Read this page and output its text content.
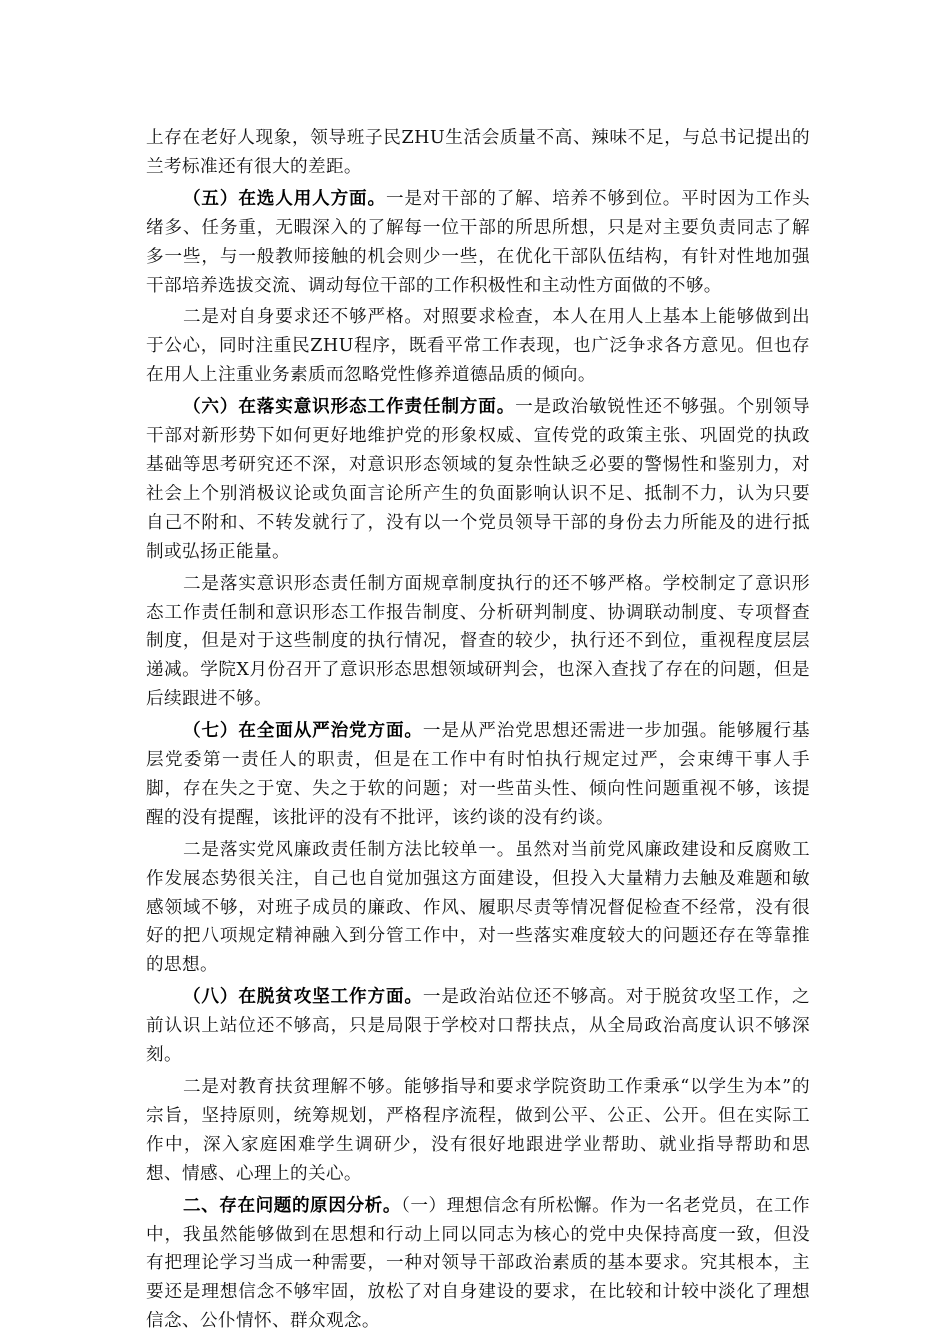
上存在老好人现象，领导班子民ZHU生活会质量不高、辣味不足，与总书记提出的兰考标准还有很大的差距。

（五）在选人用人方面。一是对干部的了解、培养不够到位。平时因为工作头绪多、任务重，无暇深入的了解每一位干部的所思所想，只是对主要负责同志了解多一些，与一般教师接触的机会则少一些，在优化干部队伍结构，有针对性地加强干部培养选拔交流、调动每位干部的工作积极性和主动性方面做的不够。

二是对自身要求还不够严格。对照要求检查，本人在用人上基本上能够做到出于公心，同时注重民ZHU程序，既看平常工作表现，也广泛争求各方意见。但也存在用人上注重业务素质而忽略党性修养道德品质的倾向。

（六）在落实意识形态工作责任制方面。一是政治敏锐性还不够强。个别领导干部对新形势下如何更好地维护党的形象权威、宣传党的政策主张、巩固党的执政基础等思考研究还不深，对意识形态领域的复杂性缺乏必要的警惕性和鉴别力，对社会上个别消极议论或负面言论所产生的负面影响认识不足、抵制不力，认为只要自己不附和、不转发就行了，没有以一个党员领导干部的身份去力所能及的进行抵制或弘扬正能量。

二是落实意识形态责任制方面规章制度执行的还不够严格。学校制定了意识形态工作责任制和意识形态工作报告制度、分析研判制度、协调联动制度、专项督查制度，但是对于这些制度的执行情况，督查的较少，执行还不到位，重视程度层层递减。学院X月份召开了意识形态思想领域研判会，也深入查找了存在的问题，但是后续跟进不够。

（七）在全面从严治党方面。一是从严治党思想还需进一步加强。能够履行基层党委第一责任人的职责，但是在工作中有时怕执行规定过严，会束缚干事人手脚，存在失之于宽、失之于软的问题；对一些苗头性、倾向性问题重视不够，该提醒的没有提醒，该批评的没有不批评，该约谈的没有约谈。

二是落实党风廉政责任制方法比较单一。虽然对当前党风廉政建设和反腐败工作发展态势很关注，自己也自觉加强这方面建设，但投入大量精力去触及难题和敏感领域不够，对班子成员的廉政、作风、履职尽责等情况督促检查不经常，没有很好的把八项规定精神融入到分管工作中，对一些落实难度较大的问题还存在等靠推的思想。

（八）在脱贫攻坚工作方面。一是政治站位还不够高。对于脱贫攻坚工作，之前认识上站位还不够高，只是局限于学校对口帮扶点，从全局政治高度认识不够深刻。

二是对教育扶贫理解不够。能够指导和要求学院资助工作秉承“以学生为本”的宗旨，坚持原则，统筹规划，严格程序流程，做到公平、公正、公开。但在实际工作中，深入家庭困难学生调研少，没有很好地跟进学业帮助、就业指导帮助和思想、情感、心理上的关心。

二、存在问题的原因分析。（一）理想信念有所松懈。作为一名老党员，在工作中，我虽然能够做到在思想和行动上同以同志为核心的党中央保持高度一致，但没有把理论学习当成一种需要，一种对领导干部政治素质的基本要求。究其根本，主要还是理想信念不够牢固，放松了对自身建设的要求，在比较和计较中淡化了理想信念、公仆情怀、群众观念。
